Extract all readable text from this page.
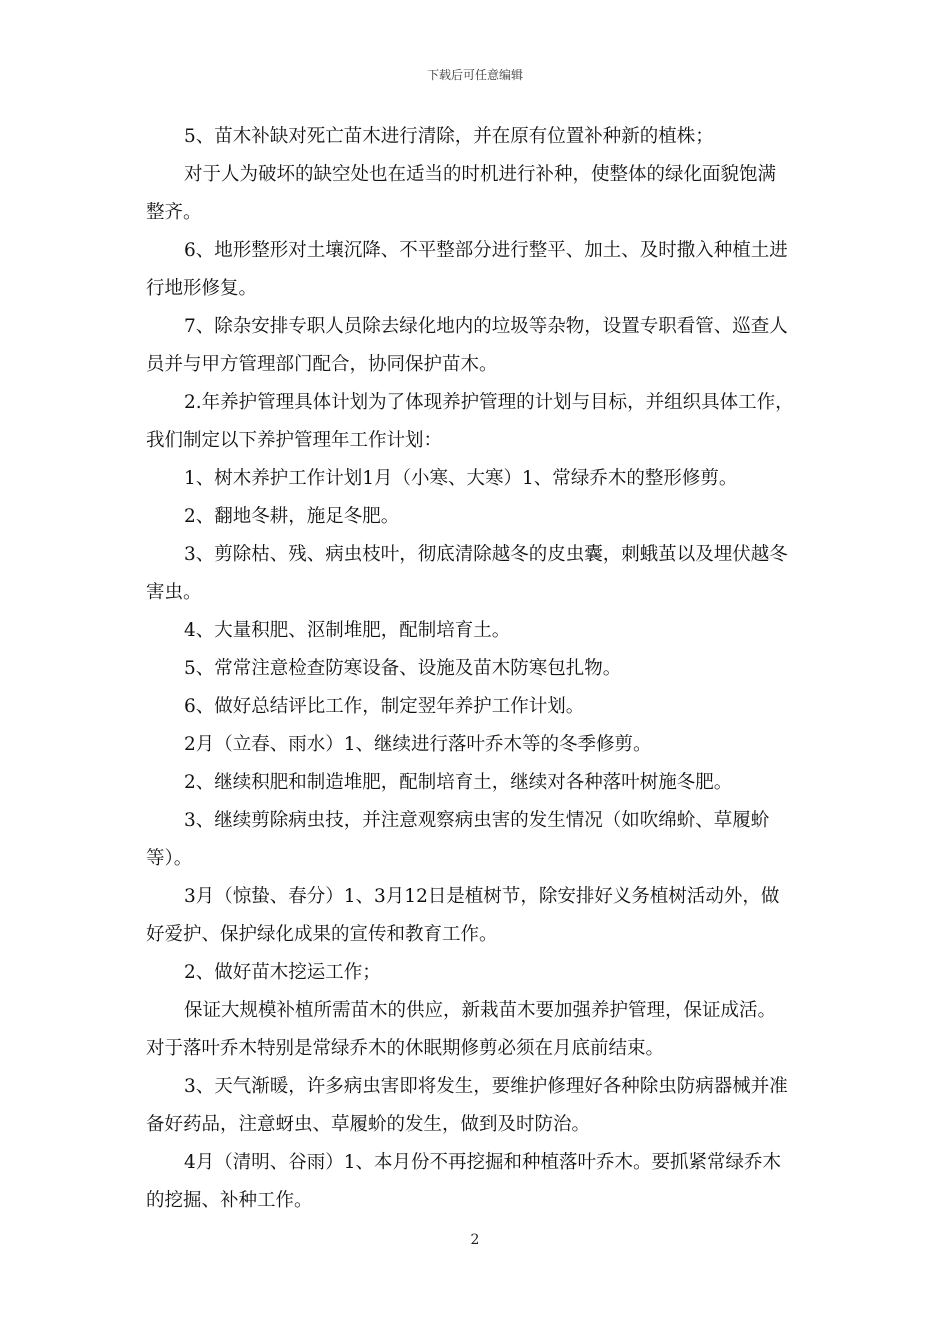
下载后可任意编辑
5、苗木补缺对死亡苗木进行清除，并在原有位置补种新的植株；
对于人为破坏的缺空处也在适当的时机进行补种，使整体的绿化面貌饱满
整齐。
6、地形整形对土壤沉降、不平整部分进行整平、加土、及时撒入种植土进
行地形修复。
7、除杂安排专职人员除去绿化地内的垃圾等杂物，设置专职看管、巡查人
员并与甲方管理部门配合，协同保护苗木。
2.年养护管理具体计划为了体现养护管理的计划与目标，并组织具体工作，
我们制定以下养护管理年工作计划：
1、树木养护工作计划1月（小寒、大寒）1、常绿乔木的整形修剪。
2、翻地冬耕，施足冬肥。
3、剪除枯、残、病虫枝叶，彻底清除越冬的皮虫囊，刺蛾茧以及埋伏越冬
害虫。
4、大量积肥、沤制堆肥，配制培育土。
5、常常注意检查防寒设备、设施及苗木防寒包扎物。
6、做好总结评比工作，制定翌年养护工作计划。
2月（立春、雨水）1、继续进行落叶乔木等的冬季修剪。
2、继续积肥和制造堆肥，配制培育土，继续对各种落叶树施冬肥。
3、继续剪除病虫技，并注意观察病虫害的发生情况（如吹绵蚧、草履蚧
等）。
3月（惊蛰、春分）1、3月12日是植树节，除安排好义务植树活动外，做
好爱护、保护绿化成果的宣传和教育工作。
2、做好苗木挖运工作；
保证大规模补植所需苗木的供应，新栽苗木要加强养护管理，保证成活。
对于落叶乔木特别是常绿乔木的休眠期修剪必须在月底前结束。
3、天气渐暖，许多病虫害即将发生，要维护修理好各种除虫防病器械并准
备好药品，注意蚜虫、草履蚧的发生，做到及时防治。
4月（清明、谷雨）1、本月份不再挖掘和种植落叶乔木。要抓紧常绿乔木
的挖掘、补种工作。
2
